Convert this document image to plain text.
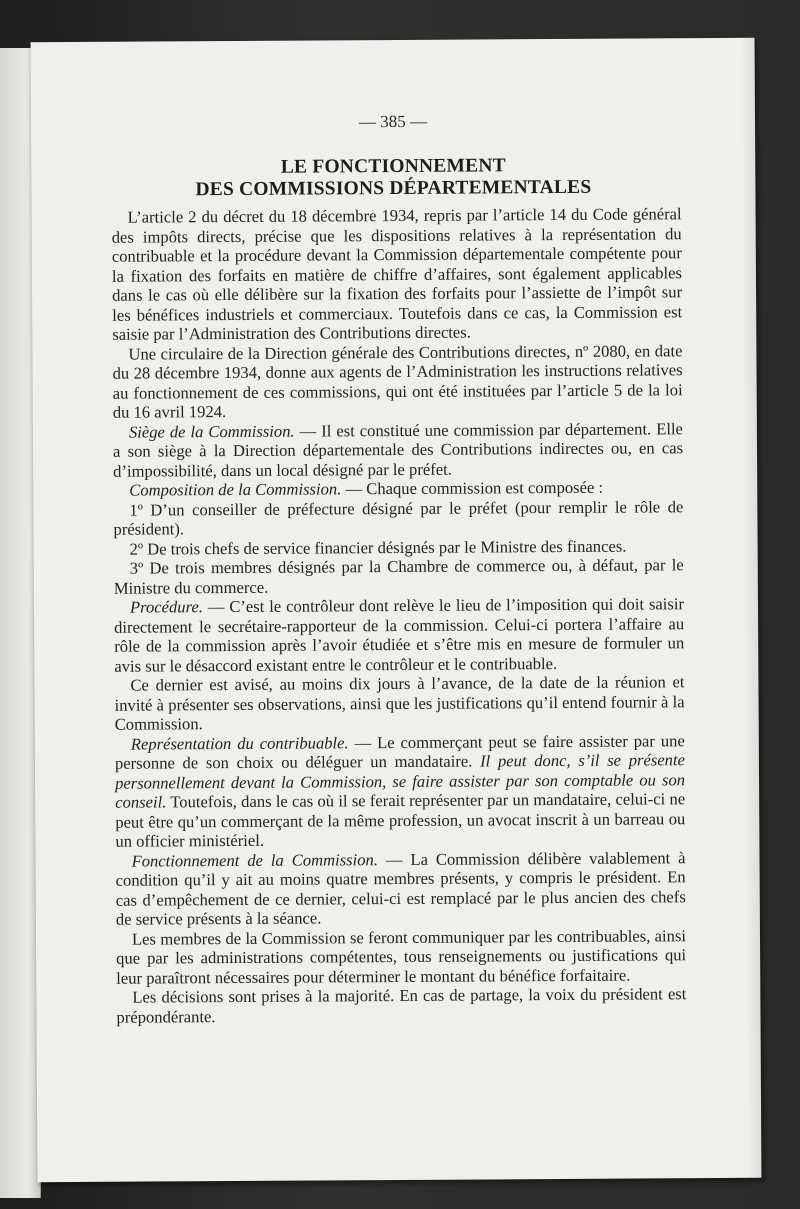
— 385 —
LE FONCTIONNEMENT
DES COMMISSIONS DÉPARTEMENTALES

L’article 2 du décret du 18 décembre 1934, repris par l’article 14 du Code général des impôts directs, précise que les dispositions relatives à la représentation du contribuable et la procédure devant la Commission départementale compétente pour la fixation des forfaits en matière de chiffre d’affaires, sont également applicables dans le cas où elle délibère sur la fixation des forfaits pour l’assiette de l’impôt sur les bénéfices industriels et commerciaux. Toutefois dans ce cas, la Commission est saisie par l’Administration des Contributions directes.

Une circulaire de la Direction générale des Contributions directes, nº 2080, en date du 28 décembre 1934, donne aux agents de l’Administration les instructions relatives au fonctionnement de ces commissions, qui ont été instituées par l’article 5 de la loi du 16 avril 1924.

Siège de la Commission. — Il est constitué une commission par département. Elle a son siège à la Direction départementale des Contributions indirectes ou, en cas d’impossibilité, dans un local désigné par le préfet.

Composition de la Commission. — Chaque commission est composée :

1º D’un conseiller de préfecture désigné par le préfet (pour remplir le rôle de président).

2º De trois chefs de service financier désignés par le Ministre des finances.

3º De trois membres désignés par la Chambre de commerce ou, à défaut, par le Ministre du commerce.

Procédure. — C’est le contrôleur dont relève le lieu de l’imposition qui doit saisir directement le secrétaire-rapporteur de la commission. Celui-ci portera l’affaire au rôle de la commission après l’avoir étudiée et s’être mis en mesure de formuler un avis sur le désaccord existant entre le contrôleur et le contribuable.

Ce dernier est avisé, au moins dix jours à l’avance, de la date de la réunion et invité à présenter ses observations, ainsi que les justifications qu’il entend fournir à la Commission.

Représentation du contribuable. — Le commerçant peut se faire assister par une personne de son choix ou déléguer un mandataire. Il peut donc, s’il se présente personnellement devant la Commission, se faire assister par son comptable ou son conseil. Toutefois, dans le cas où il se ferait représenter par un mandataire, celui-ci ne peut être qu’un commerçant de la même profession, un avocat inscrit à un barreau ou un officier ministériel.

Fonctionnement de la Commission. — La Commission délibère valablement à condition qu’il y ait au moins quatre membres présents, y compris le président. En cas d’empêchement de ce dernier, celui-ci est remplacé par le plus ancien des chefs de service présents à la séance.

Les membres de la Commission se feront communiquer par les contribuables, ainsi que par les administrations compétentes, tous renseignements ou justifications qui leur paraîtront nécessaires pour déterminer le montant du bénéfice forfaitaire.

Les décisions sont prises à la majorité. En cas de partage, la voix du président est prépondérante.
